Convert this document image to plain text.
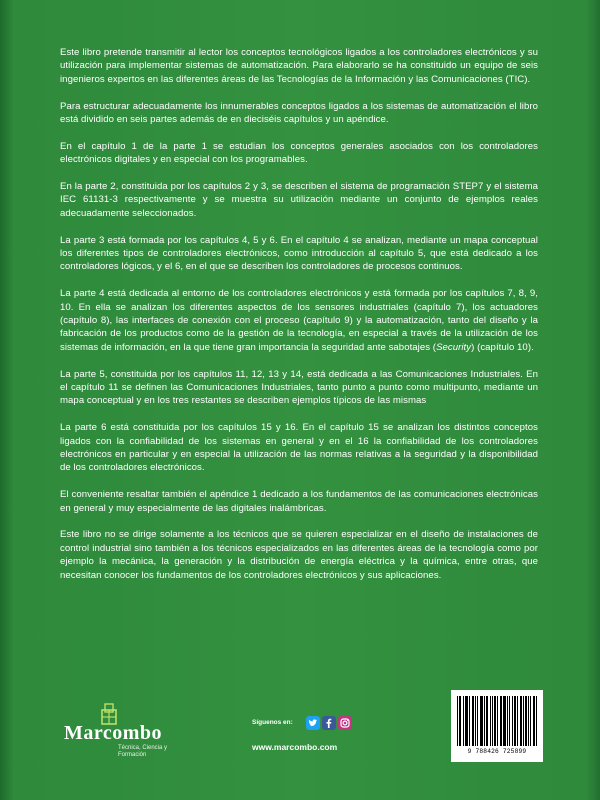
Este libro pretende transmitir al lector los conceptos tecnológicos ligados a los controladores electrónicos y su utilización para implementar sistemas de automatización. Para elaborarlo se ha constituido un equipo de seis ingenieros expertos en las diferentes áreas de las Tecnologías de la Información y las Comunicaciones (TIC).

Para estructurar adecuadamente los innumerables conceptos ligados a los sistemas de automatización el libro está dividido en seis partes además de en dieciséis capítulos y un apéndice.

En el capítulo 1 de la parte 1 se estudian los conceptos generales asociados con los controladores electrónicos digitales y en especial con los programables.

En la parte 2, constituida por los capítulos 2 y 3, se describen el sistema de programación STEP7 y el sistema IEC 61131-3 respectivamente y se muestra su utilización mediante un conjunto de ejemplos reales adecuadamente seleccionados.

La parte 3 está formada por los capítulos 4, 5 y 6. En el capítulo 4 se analizan, mediante un mapa conceptual los diferentes tipos de controladores electrónicos, como introducción al capítulo 5, que está dedicado a los controladores lógicos, y el 6, en el que se describen los controladores de procesos continuos.

La parte 4 está dedicada al entorno de los controladores electrónicos y está formada por los capítulos 7, 8, 9, 10. En ella se analizan los diferentes aspectos de los sensores industriales (capítulo 7), los actuadores (capítulo 8), las interfaces de conexión con el proceso (capítulo 9) y la automatización, tanto del diseño y la fabricación de los productos como de la gestión de la tecnología, en especial a través de la utilización de los sistemas de información, en la que tiene gran importancia la seguridad ante sabotajes (Security) (capítulo 10).

La parte 5, constituida por los capítulos 11, 12, 13 y 14, está dedicada a las Comunicaciones Industriales. En el capítulo 11 se definen las Comunicaciones Industriales, tanto punto a punto como multipunto, mediante un mapa conceptual y en los tres restantes se describen ejemplos típicos de las mismas

La parte 6 está constituida por los capítulos 15 y 16. En el capítulo 15 se analizan los distintos conceptos ligados con la confiabilidad de los sistemas en general y en el 16 la confiabilidad de los controladores electrónicos en particular y en especial la utilización de las normas relativas a la seguridad y la disponibilidad de los controladores electrónicos.

El conveniente resaltar también el apéndice 1 dedicado a los fundamentos de las comunicaciones electrónicas en general y muy especialmente de las digitales inalámbricas.

Este libro no se dirige solamente a los técnicos que se quieren especializar en el diseño de instalaciones de control industrial sino también a los técnicos especializados en las diferentes áreas de la tecnología como por ejemplo la mecánica, la generación y la distribución de energía eléctrica y la química, entre otras, que necesitan conocer los fundamentos de los controladores electrónicos y sus aplicaciones.

Marcombo
Técnica, Ciencia y Formación
Síguenos en:
www.marcombo.com	9 788426 725899
